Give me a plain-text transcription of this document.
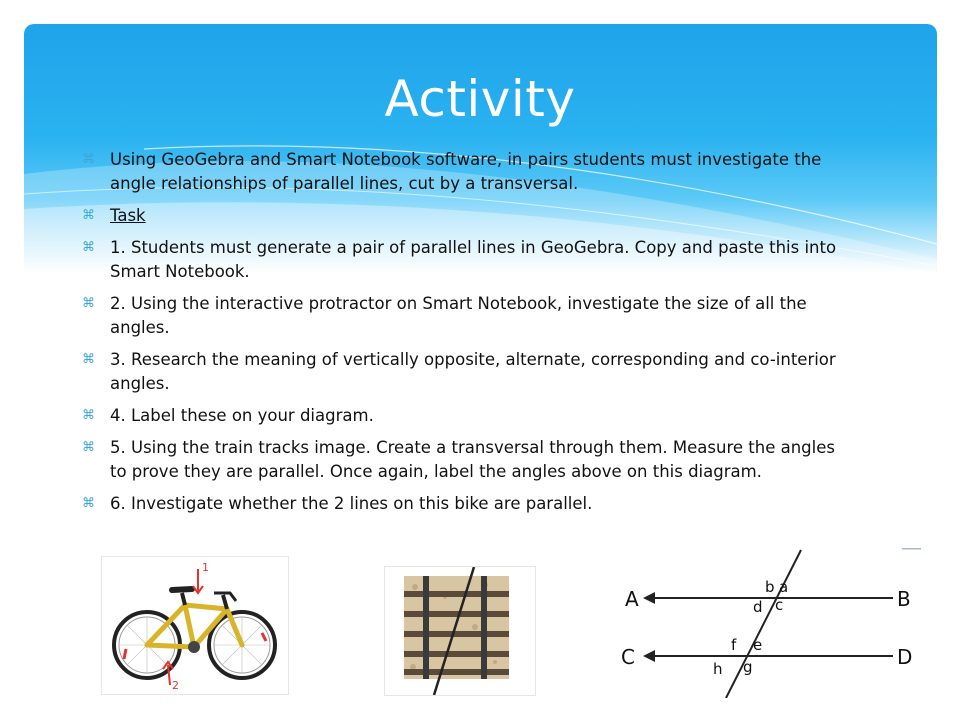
Activity
⌘ Using GeoGebra and Smart Notebook software, in pairs students must investigate the angle relationships of parallel lines, cut by a transversal.
⌘ Task
⌘ 1. Students must generate a pair of parallel lines in GeoGebra. Copy and paste this into Smart Notebook.
⌘ 2. Using the interactive protractor on Smart Notebook, investigate the size of all the angles.
⌘ 3. Research the meaning of vertically opposite, alternate, corresponding and co-interior angles.
⌘ 4. Label these on your diagram.
⌘ 5. Using the train tracks image. Create a transversal through them. Measure the angles to prove they are parallel. Once again, label the angles above on this diagram.
⌘ 6. Investigate whether the 2 lines on this bike are parallel.
1
2
A	B
C	D
b a
d c
f e
h g
